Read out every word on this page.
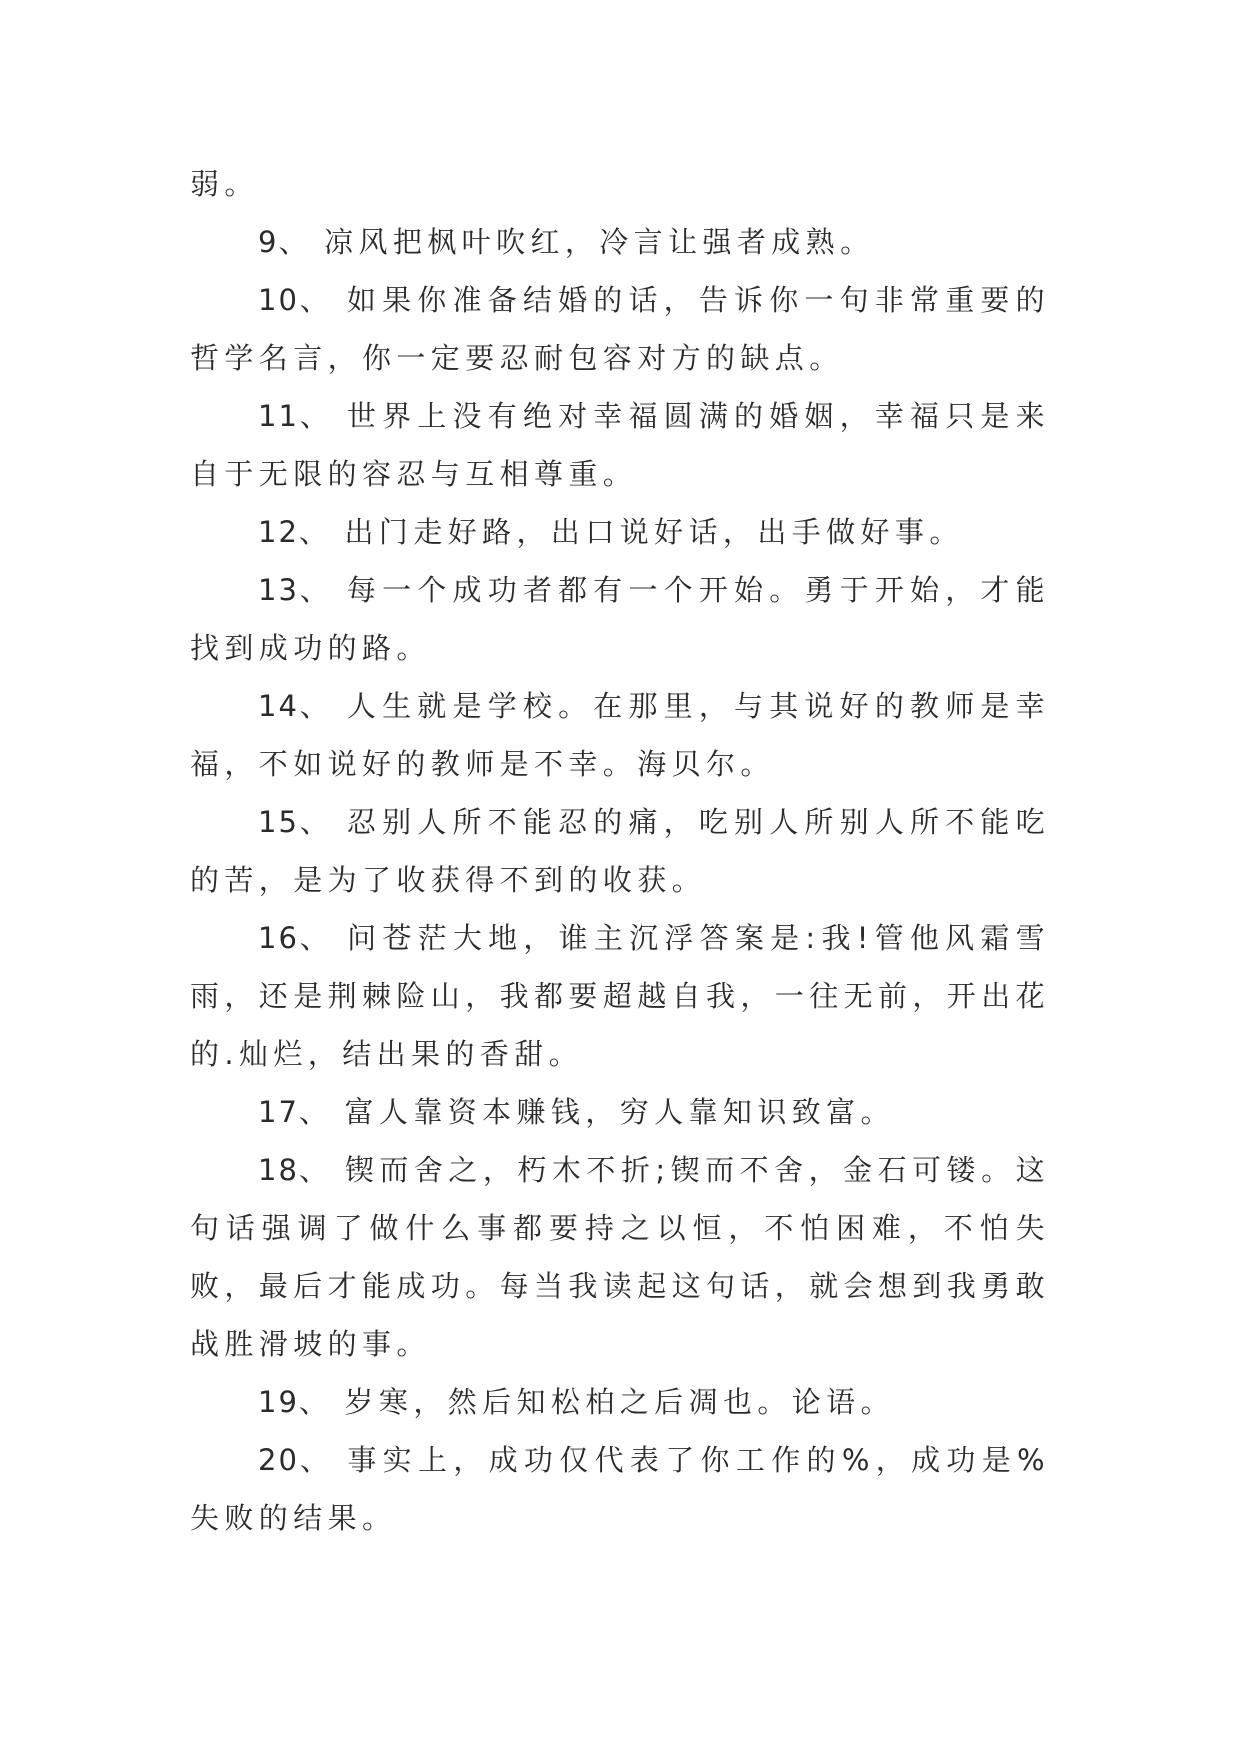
弱。

9、 凉风把枫叶吹红，冷言让强者成熟。

10、 如果你准备结婚的话，告诉你一句非常重要的哲学名言，你一定要忍耐包容对方的缺点。

11、 世界上没有绝对幸福圆满的婚姻，幸福只是来自于无限的容忍与互相尊重。

12、 出门走好路，出口说好话，出手做好事。

13、 每一个成功者都有一个开始。勇于开始，才能找到成功的路。

14、 人生就是学校。在那里，与其说好的教师是幸福，不如说好的教师是不幸。海贝尔。

15、 忍别人所不能忍的痛，吃别人所别人所不能吃的苦，是为了收获得不到的收获。

16、 问苍茫大地，谁主沉浮答案是:我!管他风霜雪雨，还是荆棘险山，我都要超越自我，一往无前，开出花的.灿烂，结出果的香甜。

17、 富人靠资本赚钱，穷人靠知识致富。

18、 锲而舍之，朽木不折;锲而不舍，金石可镂。这句话强调了做什么事都要持之以恒，不怕困难，不怕失败，最后才能成功。每当我读起这句话，就会想到我勇敢战胜滑坡的事。

19、 岁寒，然后知松柏之后凋也。论语。

20、 事实上，成功仅代表了你工作的%，成功是%失败的结果。
